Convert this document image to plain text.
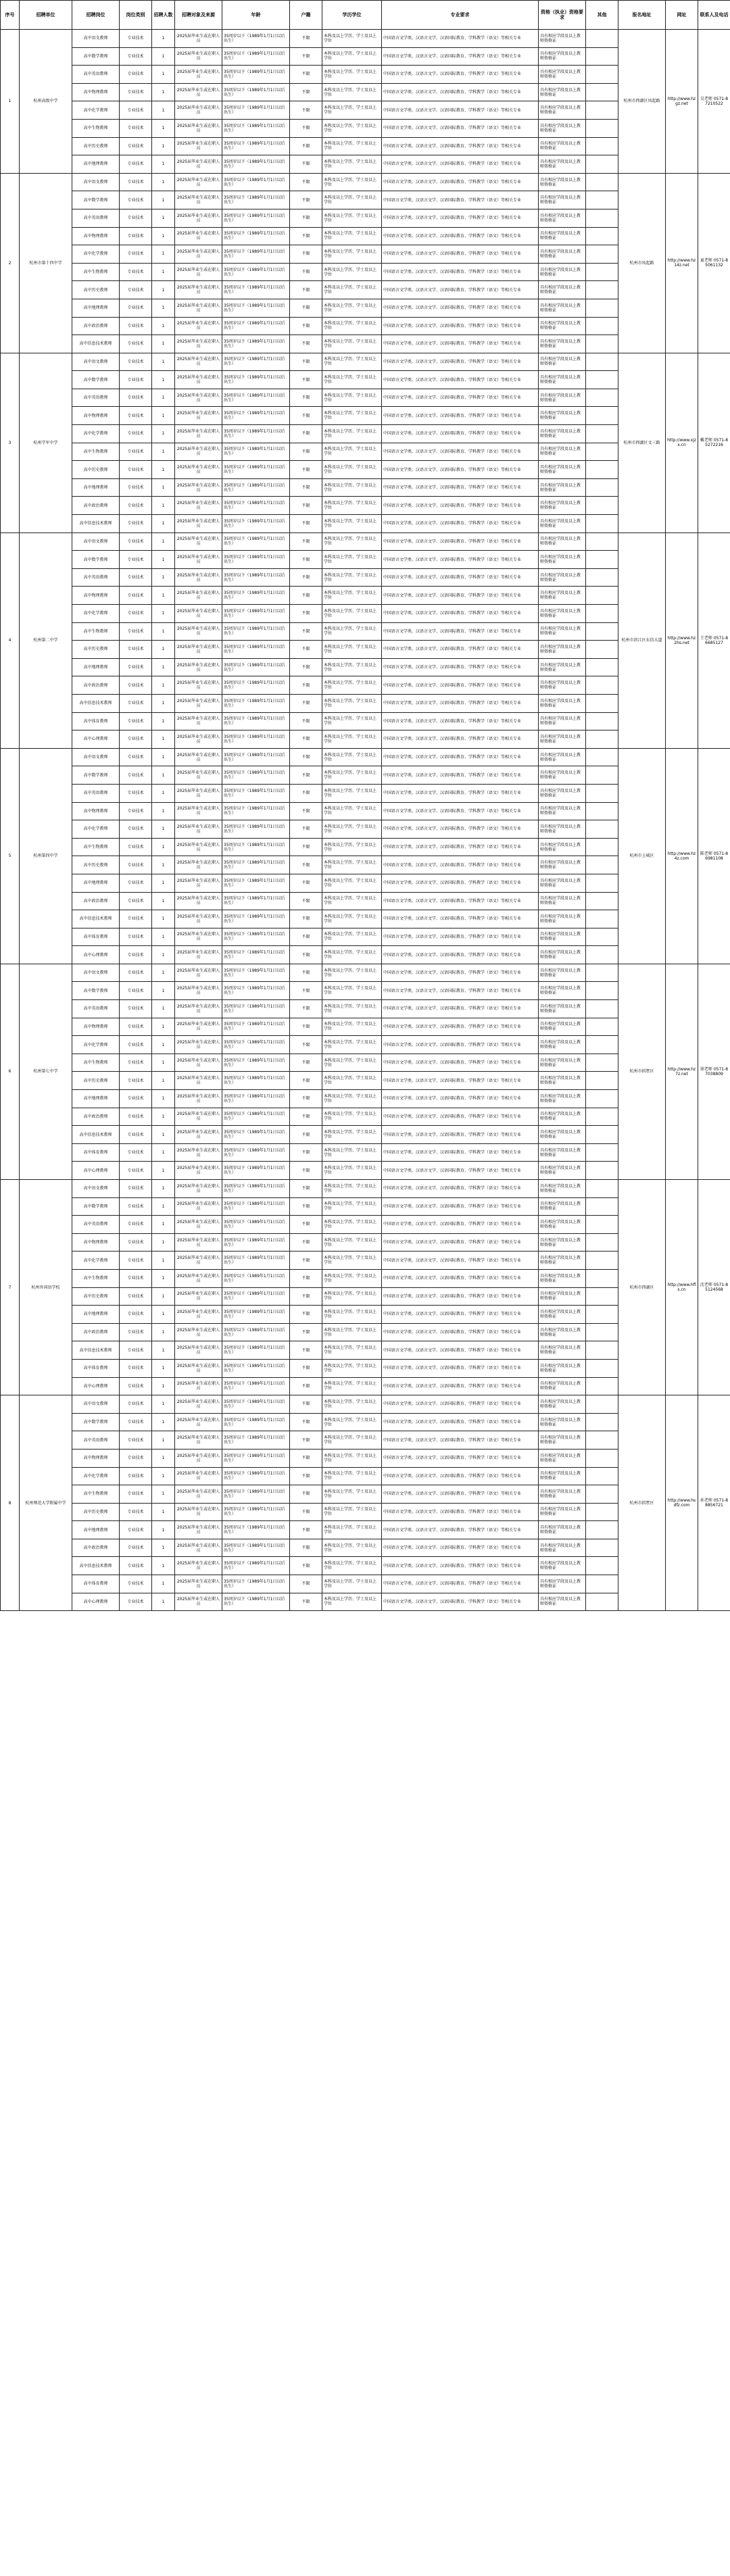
序号	招聘单位	招聘岗位	岗位类别	招聘人数	招聘对象及来源	年龄	户籍	学历学位	专业要求	资格（执业）资格要求	其他	报名地址	网址	联系人及电话
1	杭州高级中学	高中语文教师	专业技术	1	2025届毕业生或在职人员	35周岁以下（1989年1月1日以后出生）	不限	本科及以上学历、学士及以上学位	中国语言文学类、汉语言文学、汉语国际教育、学科教学（语文）等相关专业	具有相应学段及以上教师资格证		杭州市西湖区凤起路	http://www.hzgz.net	吴老师 0571-87210522
		高中数学教师	专业技术	1	2025届毕业生或在职人员	35周岁以下（1989年1月1日以后出生）	不限	本科及以上学历、学士及以上学位	中国语言文学类、汉语言文学、汉语国际教育、学科教学（语文）等相关专业	具有相应学段及以上教师资格证				
		高中英语教师	专业技术	1	2025届毕业生或在职人员	35周岁以下（1989年1月1日以后出生）	不限	本科及以上学历、学士及以上学位	中国语言文学类、汉语言文学、汉语国际教育、学科教学（语文）等相关专业	具有相应学段及以上教师资格证				
		高中物理教师	专业技术	1	2025届毕业生或在职人员	35周岁以下（1989年1月1日以后出生）	不限	本科及以上学历、学士及以上学位	中国语言文学类、汉语言文学、汉语国际教育、学科教学（语文）等相关专业	具有相应学段及以上教师资格证				
		高中化学教师	专业技术	1	2025届毕业生或在职人员	35周岁以下（1989年1月1日以后出生）	不限	本科及以上学历、学士及以上学位	中国语言文学类、汉语言文学、汉语国际教育、学科教学（语文）等相关专业	具有相应学段及以上教师资格证				
		高中生物教师	专业技术	1	2025届毕业生或在职人员	35周岁以下（1989年1月1日以后出生）	不限	本科及以上学历、学士及以上学位	中国语言文学类、汉语言文学、汉语国际教育、学科教学（语文）等相关专业	具有相应学段及以上教师资格证				
		高中历史教师	专业技术	1	2025届毕业生或在职人员	35周岁以下（1989年1月1日以后出生）	不限	本科及以上学历、学士及以上学位	中国语言文学类、汉语言文学、汉语国际教育、学科教学（语文）等相关专业	具有相应学段及以上教师资格证				
		高中地理教师	专业技术	1	2025届毕业生或在职人员	35周岁以下（1989年1月1日以后出生）	不限	本科及以上学历、学士及以上学位	中国语言文学类、汉语言文学、汉语国际教育、学科教学（语文）等相关专业	具有相应学段及以上教师资格证				
2	杭州市第十四中学	高中语文教师	专业技术	1	2025届毕业生或在职人员	35周岁以下（1989年1月1日以后出生）	不限	本科及以上学历、学士及以上学位	中国语言文学类、汉语言文学、汉语国际教育、学科教学（语文）等相关专业	具有相应学段及以上教师资格证		杭州市凤起路	http://www.hz14z.net	童老师 0571-85061132
		高中数学教师	专业技术	1	2025届毕业生或在职人员	35周岁以下（1989年1月1日以后出生）	不限	本科及以上学历、学士及以上学位	中国语言文学类、汉语言文学、汉语国际教育、学科教学（语文）等相关专业	具有相应学段及以上教师资格证				
		高中英语教师	专业技术	1	2025届毕业生或在职人员	35周岁以下（1989年1月1日以后出生）	不限	本科及以上学历、学士及以上学位	中国语言文学类、汉语言文学、汉语国际教育、学科教学（语文）等相关专业	具有相应学段及以上教师资格证				
		高中物理教师	专业技术	1	2025届毕业生或在职人员	35周岁以下（1989年1月1日以后出生）	不限	本科及以上学历、学士及以上学位	中国语言文学类、汉语言文学、汉语国际教育、学科教学（语文）等相关专业	具有相应学段及以上教师资格证				
		高中化学教师	专业技术	1	2025届毕业生或在职人员	35周岁以下（1989年1月1日以后出生）	不限	本科及以上学历、学士及以上学位	中国语言文学类、汉语言文学、汉语国际教育、学科教学（语文）等相关专业	具有相应学段及以上教师资格证				
		高中生物教师	专业技术	1	2025届毕业生或在职人员	35周岁以下（1989年1月1日以后出生）	不限	本科及以上学历、学士及以上学位	中国语言文学类、汉语言文学、汉语国际教育、学科教学（语文）等相关专业	具有相应学段及以上教师资格证				
		高中历史教师	专业技术	1	2025届毕业生或在职人员	35周岁以下（1989年1月1日以后出生）	不限	本科及以上学历、学士及以上学位	中国语言文学类、汉语言文学、汉语国际教育、学科教学（语文）等相关专业	具有相应学段及以上教师资格证				
		高中地理教师	专业技术	1	2025届毕业生或在职人员	35周岁以下（1989年1月1日以后出生）	不限	本科及以上学历、学士及以上学位	中国语言文学类、汉语言文学、汉语国际教育、学科教学（语文）等相关专业	具有相应学段及以上教师资格证				
		高中政治教师	专业技术	1	2025届毕业生或在职人员	35周岁以下（1989年1月1日以后出生）	不限	本科及以上学历、学士及以上学位	中国语言文学类、汉语言文学、汉语国际教育、学科教学（语文）等相关专业	具有相应学段及以上教师资格证				
		高中信息技术教师	专业技术	1	2025届毕业生或在职人员	35周岁以下（1989年1月1日以后出生）	不限	本科及以上学历、学士及以上学位	中国语言文学类、汉语言文学、汉语国际教育、学科教学（语文）等相关专业	具有相应学段及以上教师资格证				
3	杭州学军中学	高中语文教师	专业技术	1	2025届毕业生或在职人员	35周岁以下（1989年1月1日以后出生）	不限	本科及以上学历、学士及以上学位	中国语言文学类、汉语言文学、汉语国际教育、学科教学（语文）等相关专业	具有相应学段及以上教师资格证		杭州市西湖区文三路	http://www.xjzx.cn	戴老师 0571-85272216
		高中数学教师	专业技术	1	2025届毕业生或在职人员	35周岁以下（1989年1月1日以后出生）	不限	本科及以上学历、学士及以上学位	中国语言文学类、汉语言文学、汉语国际教育、学科教学（语文）等相关专业	具有相应学段及以上教师资格证				
		高中英语教师	专业技术	1	2025届毕业生或在职人员	35周岁以下（1989年1月1日以后出生）	不限	本科及以上学历、学士及以上学位	中国语言文学类、汉语言文学、汉语国际教育、学科教学（语文）等相关专业	具有相应学段及以上教师资格证				
		高中物理教师	专业技术	1	2025届毕业生或在职人员	35周岁以下（1989年1月1日以后出生）	不限	本科及以上学历、学士及以上学位	中国语言文学类、汉语言文学、汉语国际教育、学科教学（语文）等相关专业	具有相应学段及以上教师资格证				
		高中化学教师	专业技术	1	2025届毕业生或在职人员	35周岁以下（1989年1月1日以后出生）	不限	本科及以上学历、学士及以上学位	中国语言文学类、汉语言文学、汉语国际教育、学科教学（语文）等相关专业	具有相应学段及以上教师资格证				
		高中生物教师	专业技术	1	2025届毕业生或在职人员	35周岁以下（1989年1月1日以后出生）	不限	本科及以上学历、学士及以上学位	中国语言文学类、汉语言文学、汉语国际教育、学科教学（语文）等相关专业	具有相应学段及以上教师资格证				
		高中历史教师	专业技术	1	2025届毕业生或在职人员	35周岁以下（1989年1月1日以后出生）	不限	本科及以上学历、学士及以上学位	中国语言文学类、汉语言文学、汉语国际教育、学科教学（语文）等相关专业	具有相应学段及以上教师资格证				
		高中地理教师	专业技术	1	2025届毕业生或在职人员	35周岁以下（1989年1月1日以后出生）	不限	本科及以上学历、学士及以上学位	中国语言文学类、汉语言文学、汉语国际教育、学科教学（语文）等相关专业	具有相应学段及以上教师资格证				
		高中政治教师	专业技术	1	2025届毕业生或在职人员	35周岁以下（1989年1月1日以后出生）	不限	本科及以上学历、学士及以上学位	中国语言文学类、汉语言文学、汉语国际教育、学科教学（语文）等相关专业	具有相应学段及以上教师资格证				
		高中信息技术教师	专业技术	1	2025届毕业生或在职人员	35周岁以下（1989年1月1日以后出生）	不限	本科及以上学历、学士及以上学位	中国语言文学类、汉语言文学、汉语国际教育、学科教学（语文）等相关专业	具有相应学段及以上教师资格证				
4	杭州第二中学	高中语文教师	专业技术	1	2025届毕业生或在职人员	35周岁以下（1989年1月1日以后出生）	不限	本科及以上学历、学士及以上学位	中国语言文学类、汉语言文学、汉语国际教育、学科教学（语文）等相关专业	具有相应学段及以上教师资格证		杭州市滨江区东信大道	http://www.hz2hs.net	王老师 0571-86685127
		高中数学教师	专业技术	1	2025届毕业生或在职人员	35周岁以下（1989年1月1日以后出生）	不限	本科及以上学历、学士及以上学位	中国语言文学类、汉语言文学、汉语国际教育、学科教学（语文）等相关专业	具有相应学段及以上教师资格证				
		高中英语教师	专业技术	1	2025届毕业生或在职人员	35周岁以下（1989年1月1日以后出生）	不限	本科及以上学历、学士及以上学位	中国语言文学类、汉语言文学、汉语国际教育、学科教学（语文）等相关专业	具有相应学段及以上教师资格证				
		高中物理教师	专业技术	1	2025届毕业生或在职人员	35周岁以下（1989年1月1日以后出生）	不限	本科及以上学历、学士及以上学位	中国语言文学类、汉语言文学、汉语国际教育、学科教学（语文）等相关专业	具有相应学段及以上教师资格证				
		高中化学教师	专业技术	1	2025届毕业生或在职人员	35周岁以下（1989年1月1日以后出生）	不限	本科及以上学历、学士及以上学位	中国语言文学类、汉语言文学、汉语国际教育、学科教学（语文）等相关专业	具有相应学段及以上教师资格证				
		高中生物教师	专业技术	1	2025届毕业生或在职人员	35周岁以下（1989年1月1日以后出生）	不限	本科及以上学历、学士及以上学位	中国语言文学类、汉语言文学、汉语国际教育、学科教学（语文）等相关专业	具有相应学段及以上教师资格证				
		高中历史教师	专业技术	1	2025届毕业生或在职人员	35周岁以下（1989年1月1日以后出生）	不限	本科及以上学历、学士及以上学位	中国语言文学类、汉语言文学、汉语国际教育、学科教学（语文）等相关专业	具有相应学段及以上教师资格证				
		高中地理教师	专业技术	1	2025届毕业生或在职人员	35周岁以下（1989年1月1日以后出生）	不限	本科及以上学历、学士及以上学位	中国语言文学类、汉语言文学、汉语国际教育、学科教学（语文）等相关专业	具有相应学段及以上教师资格证				
		高中政治教师	专业技术	1	2025届毕业生或在职人员	35周岁以下（1989年1月1日以后出生）	不限	本科及以上学历、学士及以上学位	中国语言文学类、汉语言文学、汉语国际教育、学科教学（语文）等相关专业	具有相应学段及以上教师资格证				
		高中信息技术教师	专业技术	1	2025届毕业生或在职人员	35周岁以下（1989年1月1日以后出生）	不限	本科及以上学历、学士及以上学位	中国语言文学类、汉语言文学、汉语国际教育、学科教学（语文）等相关专业	具有相应学段及以上教师资格证				
		高中体育教师	专业技术	1	2025届毕业生或在职人员	35周岁以下（1989年1月1日以后出生）	不限	本科及以上学历、学士及以上学位	中国语言文学类、汉语言文学、汉语国际教育、学科教学（语文）等相关专业	具有相应学段及以上教师资格证				
		高中心理教师	专业技术	1	2025届毕业生或在职人员	35周岁以下（1989年1月1日以后出生）	不限	本科及以上学历、学士及以上学位	中国语言文学类、汉语言文学、汉语国际教育、学科教学（语文）等相关专业	具有相应学段及以上教师资格证				
5	杭州第四中学	高中语文教师	专业技术	1	2025届毕业生或在职人员	35周岁以下（1989年1月1日以后出生）	不限	本科及以上学历、学士及以上学位	中国语言文学类、汉语言文学、汉语国际教育、学科教学（语文）等相关专业	具有相应学段及以上教师资格证		杭州市上城区	http://www.hz4z.com	陈老师 0571-86981108
		高中数学教师	专业技术	1	2025届毕业生或在职人员	35周岁以下（1989年1月1日以后出生）	不限	本科及以上学历、学士及以上学位	中国语言文学类、汉语言文学、汉语国际教育、学科教学（语文）等相关专业	具有相应学段及以上教师资格证				
		高中英语教师	专业技术	1	2025届毕业生或在职人员	35周岁以下（1989年1月1日以后出生）	不限	本科及以上学历、学士及以上学位	中国语言文学类、汉语言文学、汉语国际教育、学科教学（语文）等相关专业	具有相应学段及以上教师资格证				
		高中物理教师	专业技术	1	2025届毕业生或在职人员	35周岁以下（1989年1月1日以后出生）	不限	本科及以上学历、学士及以上学位	中国语言文学类、汉语言文学、汉语国际教育、学科教学（语文）等相关专业	具有相应学段及以上教师资格证				
		高中化学教师	专业技术	1	2025届毕业生或在职人员	35周岁以下（1989年1月1日以后出生）	不限	本科及以上学历、学士及以上学位	中国语言文学类、汉语言文学、汉语国际教育、学科教学（语文）等相关专业	具有相应学段及以上教师资格证				
		高中生物教师	专业技术	1	2025届毕业生或在职人员	35周岁以下（1989年1月1日以后出生）	不限	本科及以上学历、学士及以上学位	中国语言文学类、汉语言文学、汉语国际教育、学科教学（语文）等相关专业	具有相应学段及以上教师资格证				
		高中历史教师	专业技术	1	2025届毕业生或在职人员	35周岁以下（1989年1月1日以后出生）	不限	本科及以上学历、学士及以上学位	中国语言文学类、汉语言文学、汉语国际教育、学科教学（语文）等相关专业	具有相应学段及以上教师资格证				
		高中地理教师	专业技术	1	2025届毕业生或在职人员	35周岁以下（1989年1月1日以后出生）	不限	本科及以上学历、学士及以上学位	中国语言文学类、汉语言文学、汉语国际教育、学科教学（语文）等相关专业	具有相应学段及以上教师资格证				
		高中政治教师	专业技术	1	2025届毕业生或在职人员	35周岁以下（1989年1月1日以后出生）	不限	本科及以上学历、学士及以上学位	中国语言文学类、汉语言文学、汉语国际教育、学科教学（语文）等相关专业	具有相应学段及以上教师资格证				
		高中信息技术教师	专业技术	1	2025届毕业生或在职人员	35周岁以下（1989年1月1日以后出生）	不限	本科及以上学历、学士及以上学位	中国语言文学类、汉语言文学、汉语国际教育、学科教学（语文）等相关专业	具有相应学段及以上教师资格证				
		高中体育教师	专业技术	1	2025届毕业生或在职人员	35周岁以下（1989年1月1日以后出生）	不限	本科及以上学历、学士及以上学位	中国语言文学类、汉语言文学、汉语国际教育、学科教学（语文）等相关专业	具有相应学段及以上教师资格证				
		高中心理教师	专业技术	1	2025届毕业生或在职人员	35周岁以下（1989年1月1日以后出生）	不限	本科及以上学历、学士及以上学位	中国语言文学类、汉语言文学、汉语国际教育、学科教学（语文）等相关专业	具有相应学段及以上教师资格证				
6	杭州第七中学	高中语文教师	专业技术	1	2025届毕业生或在职人员	35周岁以下（1989年1月1日以后出生）	不限	本科及以上学历、学士及以上学位	中国语言文学类、汉语言文学、汉语国际教育、学科教学（语文）等相关专业	具有相应学段及以上教师资格证		杭州市拱墅区	http://www.hz7z.net	徐老师 0571-87038809
		高中数学教师	专业技术	1	2025届毕业生或在职人员	35周岁以下（1989年1月1日以后出生）	不限	本科及以上学历、学士及以上学位	中国语言文学类、汉语言文学、汉语国际教育、学科教学（语文）等相关专业	具有相应学段及以上教师资格证				
		高中英语教师	专业技术	1	2025届毕业生或在职人员	35周岁以下（1989年1月1日以后出生）	不限	本科及以上学历、学士及以上学位	中国语言文学类、汉语言文学、汉语国际教育、学科教学（语文）等相关专业	具有相应学段及以上教师资格证				
		高中物理教师	专业技术	1	2025届毕业生或在职人员	35周岁以下（1989年1月1日以后出生）	不限	本科及以上学历、学士及以上学位	中国语言文学类、汉语言文学、汉语国际教育、学科教学（语文）等相关专业	具有相应学段及以上教师资格证				
		高中化学教师	专业技术	1	2025届毕业生或在职人员	35周岁以下（1989年1月1日以后出生）	不限	本科及以上学历、学士及以上学位	中国语言文学类、汉语言文学、汉语国际教育、学科教学（语文）等相关专业	具有相应学段及以上教师资格证				
		高中生物教师	专业技术	1	2025届毕业生或在职人员	35周岁以下（1989年1月1日以后出生）	不限	本科及以上学历、学士及以上学位	中国语言文学类、汉语言文学、汉语国际教育、学科教学（语文）等相关专业	具有相应学段及以上教师资格证				
		高中历史教师	专业技术	1	2025届毕业生或在职人员	35周岁以下（1989年1月1日以后出生）	不限	本科及以上学历、学士及以上学位	中国语言文学类、汉语言文学、汉语国际教育、学科教学（语文）等相关专业	具有相应学段及以上教师资格证				
		高中地理教师	专业技术	1	2025届毕业生或在职人员	35周岁以下（1989年1月1日以后出生）	不限	本科及以上学历、学士及以上学位	中国语言文学类、汉语言文学、汉语国际教育、学科教学（语文）等相关专业	具有相应学段及以上教师资格证				
		高中政治教师	专业技术	1	2025届毕业生或在职人员	35周岁以下（1989年1月1日以后出生）	不限	本科及以上学历、学士及以上学位	中国语言文学类、汉语言文学、汉语国际教育、学科教学（语文）等相关专业	具有相应学段及以上教师资格证				
		高中信息技术教师	专业技术	1	2025届毕业生或在职人员	35周岁以下（1989年1月1日以后出生）	不限	本科及以上学历、学士及以上学位	中国语言文学类、汉语言文学、汉语国际教育、学科教学（语文）等相关专业	具有相应学段及以上教师资格证				
		高中体育教师	专业技术	1	2025届毕业生或在职人员	35周岁以下（1989年1月1日以后出生）	不限	本科及以上学历、学士及以上学位	中国语言文学类、汉语言文学、汉语国际教育、学科教学（语文）等相关专业	具有相应学段及以上教师资格证				
		高中心理教师	专业技术	1	2025届毕业生或在职人员	35周岁以下（1989年1月1日以后出生）	不限	本科及以上学历、学士及以上学位	中国语言文学类、汉语言文学、汉语国际教育、学科教学（语文）等相关专业	具有相应学段及以上教师资格证				
7	杭州外国语学校	高中语文教师	专业技术	1	2025届毕业生或在职人员	35周岁以下（1989年1月1日以后出生）	不限	本科及以上学历、学士及以上学位	中国语言文学类、汉语言文学、汉语国际教育、学科教学（语文）等相关专业	具有相应学段及以上教师资格证		杭州市西湖区	http://www.hfls.cn	沈老师 0571-85124568
		高中数学教师	专业技术	1	2025届毕业生或在职人员	35周岁以下（1989年1月1日以后出生）	不限	本科及以上学历、学士及以上学位	中国语言文学类、汉语言文学、汉语国际教育、学科教学（语文）等相关专业	具有相应学段及以上教师资格证				
		高中英语教师	专业技术	1	2025届毕业生或在职人员	35周岁以下（1989年1月1日以后出生）	不限	本科及以上学历、学士及以上学位	中国语言文学类、汉语言文学、汉语国际教育、学科教学（语文）等相关专业	具有相应学段及以上教师资格证				
		高中物理教师	专业技术	1	2025届毕业生或在职人员	35周岁以下（1989年1月1日以后出生）	不限	本科及以上学历、学士及以上学位	中国语言文学类、汉语言文学、汉语国际教育、学科教学（语文）等相关专业	具有相应学段及以上教师资格证				
		高中化学教师	专业技术	1	2025届毕业生或在职人员	35周岁以下（1989年1月1日以后出生）	不限	本科及以上学历、学士及以上学位	中国语言文学类、汉语言文学、汉语国际教育、学科教学（语文）等相关专业	具有相应学段及以上教师资格证				
		高中生物教师	专业技术	1	2025届毕业生或在职人员	35周岁以下（1989年1月1日以后出生）	不限	本科及以上学历、学士及以上学位	中国语言文学类、汉语言文学、汉语国际教育、学科教学（语文）等相关专业	具有相应学段及以上教师资格证				
		高中历史教师	专业技术	1	2025届毕业生或在职人员	35周岁以下（1989年1月1日以后出生）	不限	本科及以上学历、学士及以上学位	中国语言文学类、汉语言文学、汉语国际教育、学科教学（语文）等相关专业	具有相应学段及以上教师资格证				
		高中地理教师	专业技术	1	2025届毕业生或在职人员	35周岁以下（1989年1月1日以后出生）	不限	本科及以上学历、学士及以上学位	中国语言文学类、汉语言文学、汉语国际教育、学科教学（语文）等相关专业	具有相应学段及以上教师资格证				
		高中政治教师	专业技术	1	2025届毕业生或在职人员	35周岁以下（1989年1月1日以后出生）	不限	本科及以上学历、学士及以上学位	中国语言文学类、汉语言文学、汉语国际教育、学科教学（语文）等相关专业	具有相应学段及以上教师资格证				
		高中信息技术教师	专业技术	1	2025届毕业生或在职人员	35周岁以下（1989年1月1日以后出生）	不限	本科及以上学历、学士及以上学位	中国语言文学类、汉语言文学、汉语国际教育、学科教学（语文）等相关专业	具有相应学段及以上教师资格证				
		高中体育教师	专业技术	1	2025届毕业生或在职人员	35周岁以下（1989年1月1日以后出生）	不限	本科及以上学历、学士及以上学位	中国语言文学类、汉语言文学、汉语国际教育、学科教学（语文）等相关专业	具有相应学段及以上教师资格证				
		高中心理教师	专业技术	1	2025届毕业生或在职人员	35周岁以下（1989年1月1日以后出生）	不限	本科及以上学历、学士及以上学位	中国语言文学类、汉语言文学、汉语国际教育、学科教学（语文）等相关专业	具有相应学段及以上教师资格证				
8	杭州师范大学附属中学	高中语文教师	专业技术	1	2025届毕业生或在职人员	35周岁以下（1989年1月1日以后出生）	不限	本科及以上学历、学士及以上学位	中国语言文学类、汉语言文学、汉语国际教育、学科教学（语文）等相关专业	具有相应学段及以上教师资格证		杭州市拱墅区	http://www.hsdfz.com	孙老师 0571-88856721
		高中数学教师	专业技术	1	2025届毕业生或在职人员	35周岁以下（1989年1月1日以后出生）	不限	本科及以上学历、学士及以上学位	中国语言文学类、汉语言文学、汉语国际教育、学科教学（语文）等相关专业	具有相应学段及以上教师资格证				
		高中英语教师	专业技术	1	2025届毕业生或在职人员	35周岁以下（1989年1月1日以后出生）	不限	本科及以上学历、学士及以上学位	中国语言文学类、汉语言文学、汉语国际教育、学科教学（语文）等相关专业	具有相应学段及以上教师资格证				
		高中物理教师	专业技术	1	2025届毕业生或在职人员	35周岁以下（1989年1月1日以后出生）	不限	本科及以上学历、学士及以上学位	中国语言文学类、汉语言文学、汉语国际教育、学科教学（语文）等相关专业	具有相应学段及以上教师资格证				
		高中化学教师	专业技术	1	2025届毕业生或在职人员	35周岁以下（1989年1月1日以后出生）	不限	本科及以上学历、学士及以上学位	中国语言文学类、汉语言文学、汉语国际教育、学科教学（语文）等相关专业	具有相应学段及以上教师资格证				
		高中生物教师	专业技术	1	2025届毕业生或在职人员	35周岁以下（1989年1月1日以后出生）	不限	本科及以上学历、学士及以上学位	中国语言文学类、汉语言文学、汉语国际教育、学科教学（语文）等相关专业	具有相应学段及以上教师资格证				
		高中历史教师	专业技术	1	2025届毕业生或在职人员	35周岁以下（1989年1月1日以后出生）	不限	本科及以上学历、学士及以上学位	中国语言文学类、汉语言文学、汉语国际教育、学科教学（语文）等相关专业	具有相应学段及以上教师资格证				
		高中地理教师	专业技术	1	2025届毕业生或在职人员	35周岁以下（1989年1月1日以后出生）	不限	本科及以上学历、学士及以上学位	中国语言文学类、汉语言文学、汉语国际教育、学科教学（语文）等相关专业	具有相应学段及以上教师资格证				
		高中政治教师	专业技术	1	2025届毕业生或在职人员	35周岁以下（1989年1月1日以后出生）	不限	本科及以上学历、学士及以上学位	中国语言文学类、汉语言文学、汉语国际教育、学科教学（语文）等相关专业	具有相应学段及以上教师资格证				
		高中信息技术教师	专业技术	1	2025届毕业生或在职人员	35周岁以下（1989年1月1日以后出生）	不限	本科及以上学历、学士及以上学位	中国语言文学类、汉语言文学、汉语国际教育、学科教学（语文）等相关专业	具有相应学段及以上教师资格证				
		高中体育教师	专业技术	1	2025届毕业生或在职人员	35周岁以下（1989年1月1日以后出生）	不限	本科及以上学历、学士及以上学位	中国语言文学类、汉语言文学、汉语国际教育、学科教学（语文）等相关专业	具有相应学段及以上教师资格证				
		高中心理教师	专业技术	1	2025届毕业生或在职人员	35周岁以下（1989年1月1日以后出生）	不限	本科及以上学历、学士及以上学位	中国语言文学类、汉语言文学、汉语国际教育、学科教学（语文）等相关专业	具有相应学段及以上教师资格证				
